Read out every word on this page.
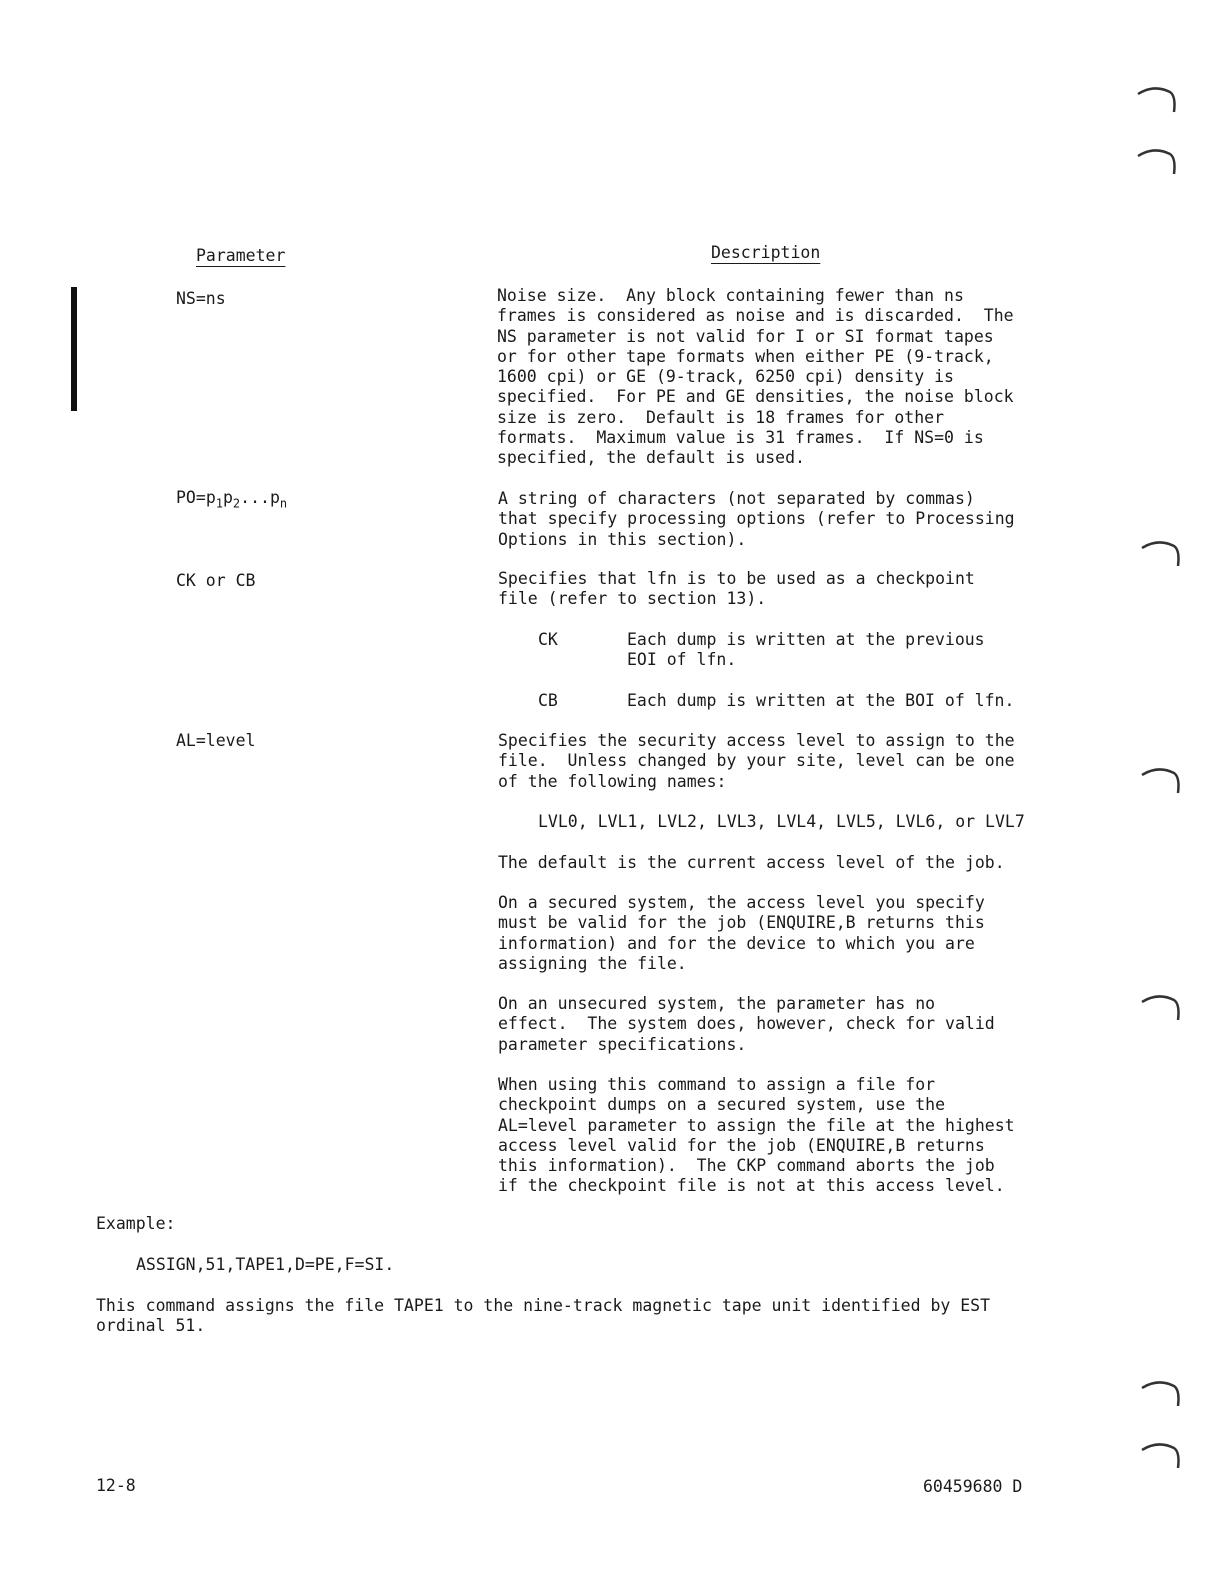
Parameter	Description
NS=ns	Noise size.  Any block containing fewer than ns
frames is considered as noise and is discarded.  The
NS parameter is not valid for I or SI format tapes
or for other tape formats when either PE (9-track,
1600 cpi) or GE (9-track, 6250 cpi) density is
specified.  For PE and GE densities, the noise block
size is zero.  Default is 18 frames for other
formats.  Maximum value is 31 frames.  If NS=0 is
specified, the default is used.
$PO=p_1p_2...p_n$	A string of characters (not separated by commas)
that specify processing options (refer to Processing
Options in this section).
CK or CB	Specifies that lfn is to be used as a checkpoint
file (refer to section 13).
CK	Each dump is written at the previous
EOI of lfn.
CB	Each dump is written at the BOI of lfn.
AL=level	Specifies the security access level to assign to the
file.  Unless changed by your site, level can be one
of the following names:
LVL0, LVL1, LVL2, LVL3, LVL4, LVL5, LVL6, or LVL7
The default is the current access level of the job.
On a secured system, the access level you specify
must be valid for the job (ENQUIRE,B returns this
information) and for the device to which you are
assigning the file.
On an unsecured system, the parameter has no
effect.  The system does, however, check for valid
parameter specifications.
When using this command to assign a file for
checkpoint dumps on a secured system, use the
AL=level parameter to assign the file at the highest
access level valid for the job (ENQUIRE,B returns
this information).  The CKP command aborts the job
if the checkpoint file is not at this access level.
Example:
ASSIGN,51,TAPE1,D=PE,F=SI.
This command assigns the file TAPE1 to the nine-track magnetic tape unit identified by EST
ordinal 51.
12-8	60459680 D
